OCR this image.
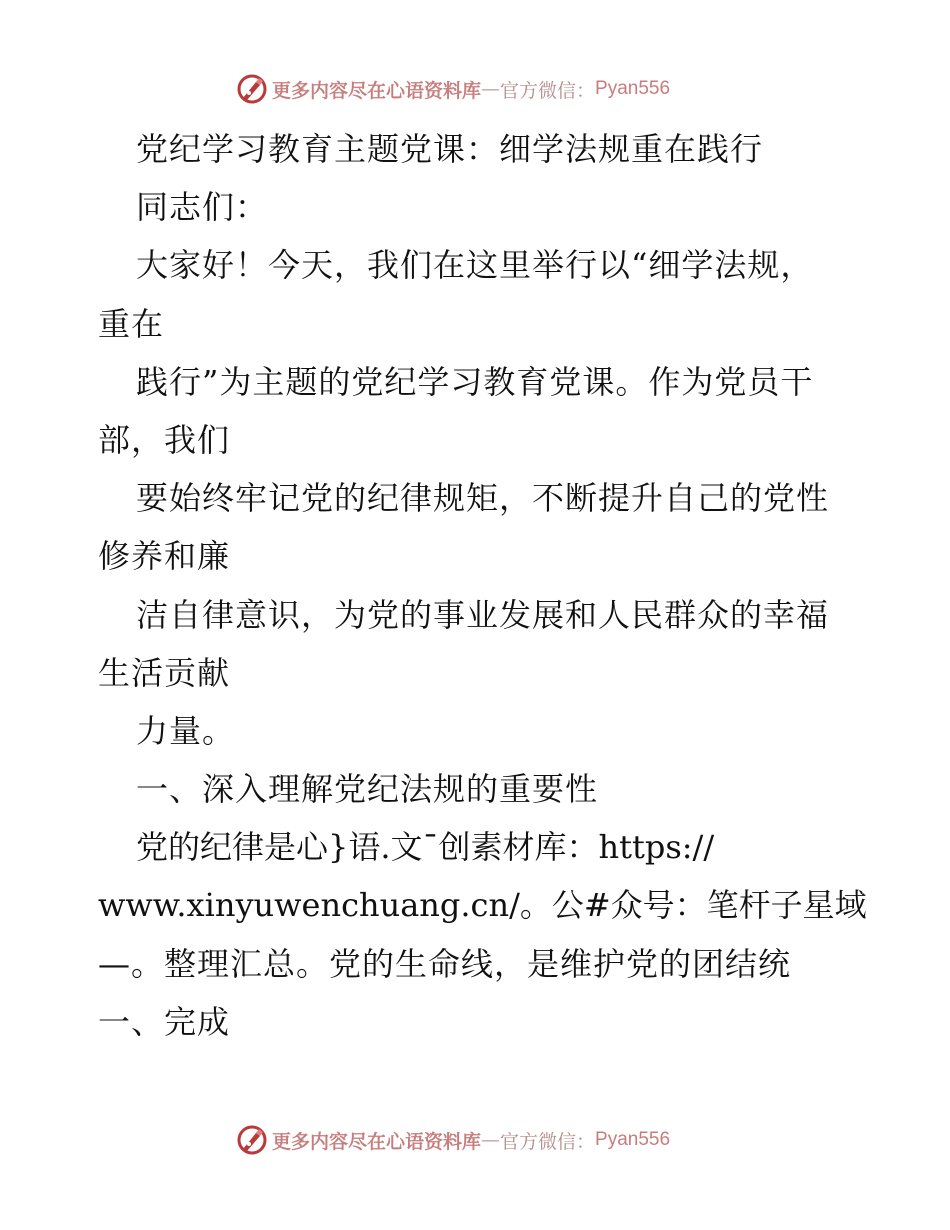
更多内容尽在心语资料库 — 官方微信： Pyan556
党纪学习教育主题党课：细学法规重在践行
同志们：
大家好！今天，我们在这里举行以“细学法规，
重在
践行”为主题的党纪学习教育党课。作为党员干
部，我们
要始终牢记党的纪律规矩，不断提升自己的党性
修养和廉
洁自律意识，为党的事业发展和人民群众的幸福
生活贡献
力量。
一、深入理解党纪法规的重要性
党的纪律是心}语.文¯创素材库：https://
www.xinyuwenchuang.cn/。公#众号：笔杆子星域
—。整理汇总。党的生命线，是维护党的团结统
一、完成
更多内容尽在心语资料库 — 官方微信： Pyan556
